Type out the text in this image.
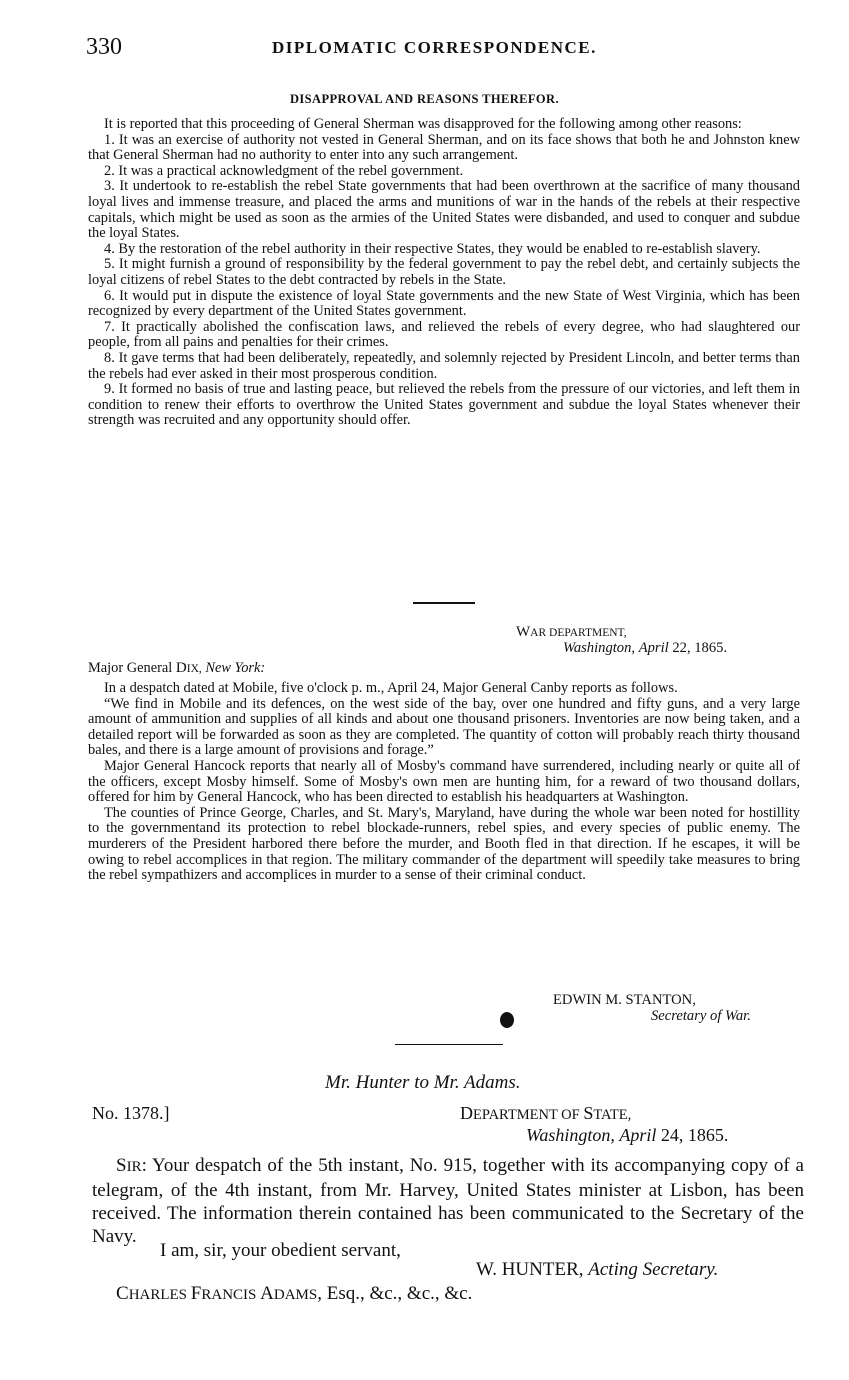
330	DIPLOMATIC CORRESPONDENCE.
DISAPPROVAL AND REASONS THEREFOR.

It is reported that this proceeding of General Sherman was disapproved for the following among other reasons:

1. It was an exercise of authority not vested in General Sherman, and on its face shows that both he and Johnston knew that General Sherman had no authority to enter into any such arrangement.

2. It was a practical acknowledgment of the rebel government.

3. It undertook to re-establish the rebel State governments that had been overthrown at the sacrifice of many thousand loyal lives and immense treasure, and placed the arms and munitions of war in the hands of the rebels at their respective capitals, which might be used as soon as the armies of the United States were disbanded, and used to conquer and subdue the loyal States.

4. By the restoration of the rebel authority in their respective States, they would be enabled to re-establish slavery.

5. It might furnish a ground of responsibility by the federal government to pay the rebel debt, and certainly subjects the loyal citizens of rebel States to the debt contracted by rebels in the State.

6. It would put in dispute the existence of loyal State governments and the new State of West Virginia, which has been recognized by every department of the United States government.

7. It practically abolished the confiscation laws, and relieved the rebels of every degree, who had slaughtered our people, from all pains and penalties for their crimes.

8. It gave terms that had been deliberately, repeatedly, and solemnly rejected by President Lincoln, and better terms than the rebels had ever asked in their most prosperous condition.

9. It formed no basis of true and lasting peace, but relieved the rebels from the pressure of our victories, and left them in condition to renew their efforts to overthrow the United States government and subdue the loyal States whenever their strength was recruited and any opportunity should offer.

WAR DEPARTMENT,
Washington, April 22, 1865.

Major General DIX, New York:

In a despatch dated at Mobile, five o'clock p. m., April 24, Major General Canby reports as follows.

“We find in Mobile and its defences, on the west side of the bay, over one hundred and fifty guns, and a very large amount of ammunition and supplies of all kinds and about one thousand prisoners. Inventories are now being taken, and a detailed report will be forwarded as soon as they are completed. The quantity of cotton will probably reach thirty thousand bales, and there is a large amount of provisions and forage.”

Major General Hancock reports that nearly all of Mosby's command have surrendered, including nearly or quite all of the officers, except Mosby himself. Some of Mosby's own men are hunting him, for a reward of two thousand dollars, offered for him by General Hancock, who has been directed to establish his headquarters at Washington.

The counties of Prince George, Charles, and St. Mary's, Maryland, have during the whole war been noted for hostillity to the governmentand its protection to rebel blockade-runners, rebel spies, and every species of public enemy. The murderers of the President harbored there before the murder, and Booth fled in that direction. If he escapes, it will be owing to rebel accomplices in that region. The military commander of the department will speedily take measures to bring the rebel sympathizers and accomplices in murder to a sense of their criminal conduct.

EDWIN M. STANTON,
Secretary of War.
Mr. Hunter to Mr. Adams.
No. 1378.]	DEPARTMENT OF STATE,
Washington, April 24, 1865.

SIR: Your despatch of the 5th instant, No. 915, together with its accompanying copy of a telegram, of the 4th instant, from Mr. Harvey, United States minister at Lisbon, has been received. The information therein contained has been communicated to the Secretary of the Navy.

I am, sir, your obedient servant,
W. HUNTER, Acting Secretary.
CHARLES FRANCIS ADAMS, Esq., &c., &c., &c.
